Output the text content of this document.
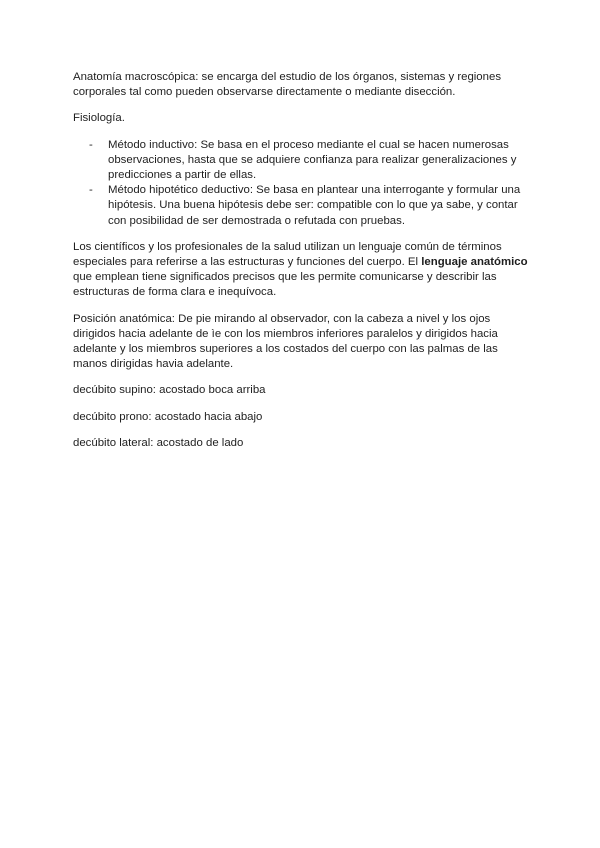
Anatomía macroscópica: se encarga del estudio de los órganos, sistemas y regiones corporales tal como pueden observarse directamente o mediante disección.

Fisiología.

- Método inductivo: Se basa en el proceso mediante el cual se hacen numerosas observaciones, hasta que se adquiere confianza para realizar generalizaciones y predicciones a partir de ellas.
- Método hipotético deductivo: Se basa en plantear una interrogante y formular una hipótesis. Una buena hipótesis debe ser: compatible con lo que ya sabe, y contar con posibilidad de ser demostrada o refutada con pruebas.

Los científicos y los profesionales de la salud utilizan un lenguaje común de términos especiales para referirse a las estructuras y funciones del cuerpo. El lenguaje anatómico que emplean tiene significados precisos que les permite comunicarse y describir las estructuras de forma clara e inequívoca.

Posición anatómica: De pie mirando al observador, con la cabeza a nivel y los ojos dirigidos hacia adelante de ìe con los miembros inferiores paralelos y dirigidos hacia adelante y los miembros superiores a los costados del cuerpo con las palmas de las manos dirigidas havia adelante.

decúbito supino: acostado boca arriba

decúbito prono: acostado hacia abajo

decúbito lateral: acostado de lado
